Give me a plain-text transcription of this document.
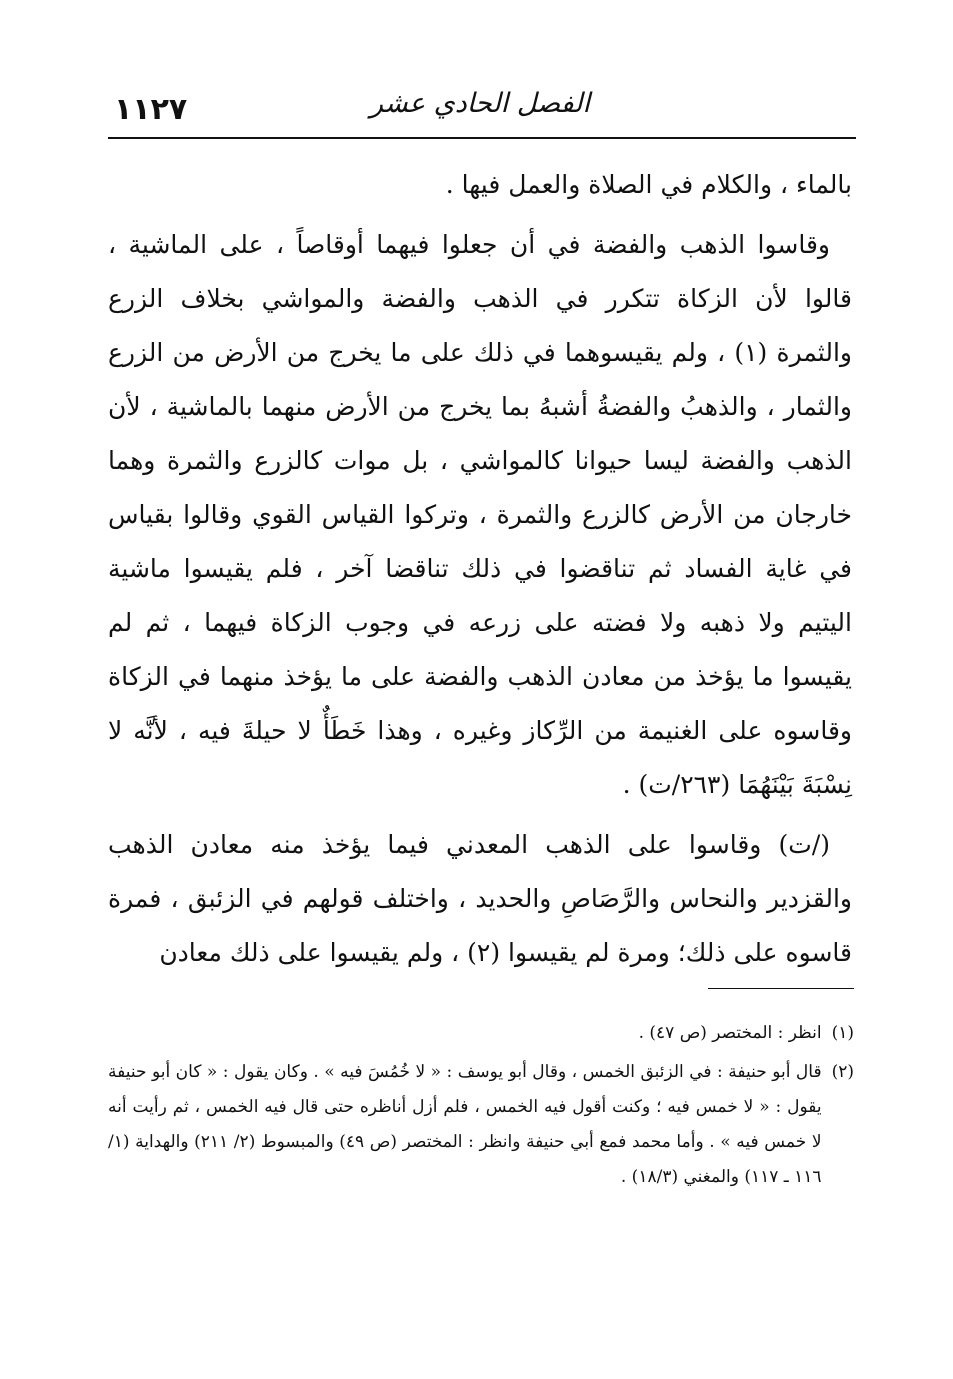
١١٢٧	الفصل الحادي عشر

بالماء ، والكلام في الصلاة والعمل فيها .

وقاسوا الذهب والفضة في أن جعلوا فيهما أوقاصاً ، على الماشية ، قالوا لأن الزكاة تتكرر في الذهب والفضة والمواشي بخلاف الزرع والثمرة (١) ، ولم يقيسوهما في ذلك على ما يخرج من الأرض من الزرع والثمار ، والذهبُ والفضةُ أشبهُ بما يخرج من الأرض منهما بالماشية ، لأن الذهب والفضة ليسا حيوانا كالمواشي ، بل موات كالزرع والثمرة وهما خارجان من الأرض كالزرع والثمرة ، وتركوا القياس القوي وقالوا بقياس في غاية الفساد ثم تناقضوا في ذلك تناقضا آخر ، فلم يقيسوا ماشية اليتيم ولا ذهبه ولا فضته على زرعه في وجوب الزكاة فيهما ، ثم لم يقيسوا ما يؤخذ من معادن الذهب والفضة على ما يؤخذ منهما في الزكاة وقاسوه على الغنيمة من الرِّكاز وغيره ، وهذا خَطَأٌ لا حيلةَ فيه ، لأنَّه لا نِسْبَةَ بَيْنَهُمَا (٢٦٣/ت) .

(/ت) وقاسوا على الذهب المعدني فيما يؤخذ منه معادن الذهب والقزدير والنحاس والرَّصَاصِ والحديد ، واختلف قولهم في الزئبق ، فمرة قاسوه على ذلك؛ ومرة لم يقيسوا (٢) ، ولم يقيسوا على ذلك معادن

(١)
انظر : المختصر (ص ٤٧) .
(٢)
قال أبو حنيفة : في الزئبق الخمس ، وقال أبو يوسف : « لا خُمُسَ فيه » . وكان يقول : « كان أبو حنيفة يقول : « لا خمس فيه ؛ وكنت أقول فيه الخمس ، فلم أزل أناظره حتى قال فيه الخمس ، ثم رأيت أنه لا خمس فيه » . وأما محمد فمع أبي حنيفة وانظر : المختصر (ص ٤٩) والمبسوط (٢/ ٢١١) والهداية (١/ ١١٦ ـ ١١٧) والمغني (١٨/٣) .
